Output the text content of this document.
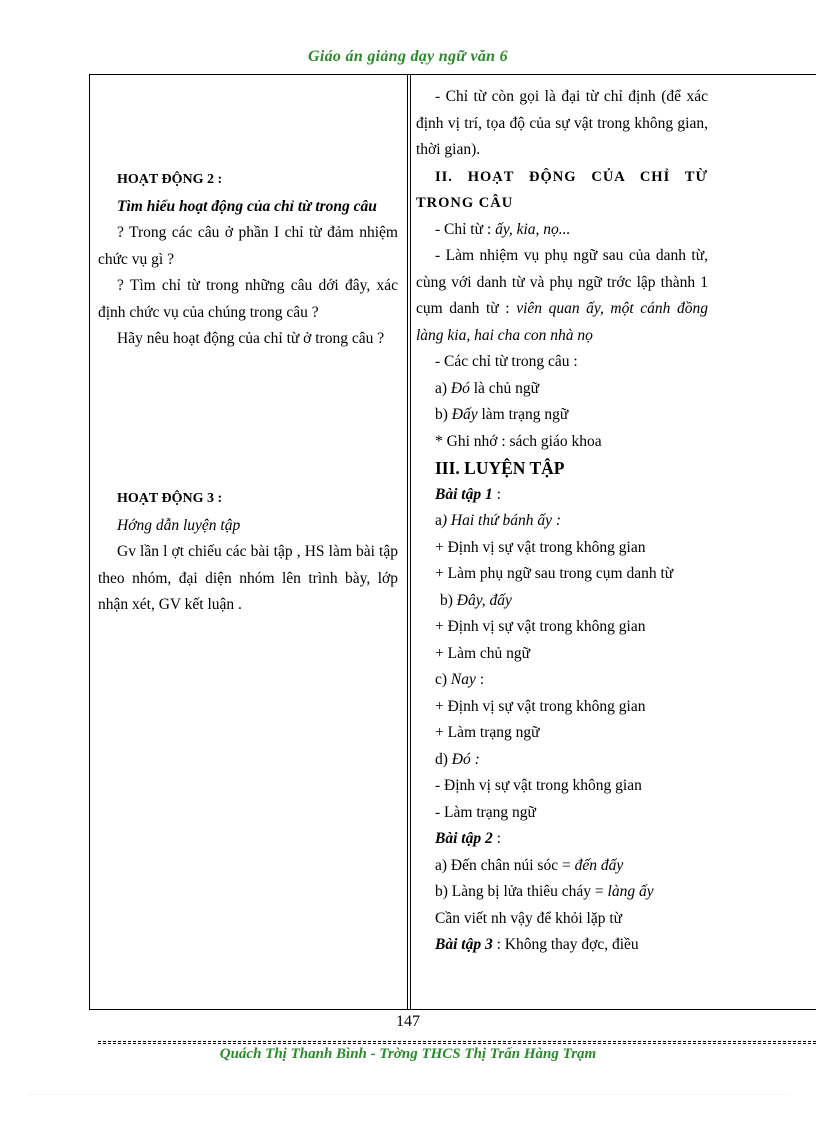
Giáo án giảng dạy ngữ văn 6

HOẠT ĐỘNG 2 :

Tìm hiểu hoạt động của chỉ từ trong câu

? Trong các câu ở phần I chỉ từ đảm nhiệm chức vụ gì ?

? Tìm chỉ từ trong những câu dới đây, xác định chức vụ của chúng trong câu ?

Hãy nêu hoạt động của chỉ từ ở trong câu ?

HOẠT ĐỘNG 3 :

Hớng dẫn luyện tập

Gv lần l ợt chiếu các bài tập , HS làm bài tập theo nhóm, đại diện nhóm lên trình bày, lớp nhận xét, GV kết luận .

- Chỉ từ còn gọi là đại từ chỉ định (để xác định vị trí, tọa độ của sự vật trong không gian, thời gian).

II. HOẠT ĐỘNG CỦA CHỈ TỪ TRONG CÂU

- Chỉ từ : ấy, kia, nọ...

- Làm nhiệm vụ phụ ngữ sau của danh từ, cùng với danh từ và phụ ngữ trớc lập thành 1 cụm danh từ : viên quan ấy, một cánh đồng làng kia, hai cha con nhà nọ

- Các chỉ từ trong câu :

a) Đó là chủ ngữ

b) Đấy làm trạng ngữ

* Ghi nhớ : sách giáo khoa

III. LUYỆN TẬP

Bài tập 1 :

a) Hai thứ bánh ấy :

+ Định vị sự vật trong không gian

+ Làm phụ ngữ sau trong cụm danh từ

b) Đây, đấy

+ Định vị sự vật trong không gian

+ Làm chủ ngữ

c) Nay :

+ Định vị sự vật trong không gian

+ Làm trạng ngữ

d) Đó :

- Định vị sự vật trong không gian

- Làm trạng ngữ

Bài tập 2 :

a) Đến chân núi sóc = đến đấy

b) Làng bị lửa thiêu cháy = làng ấy

Cần viết nh vậy để khỏi lặp từ

Bài tập 3 : Không thay đợc, điều

147
Quách Thị Thanh Bình - Trờng THCS Thị Trấn Hàng Trạm
